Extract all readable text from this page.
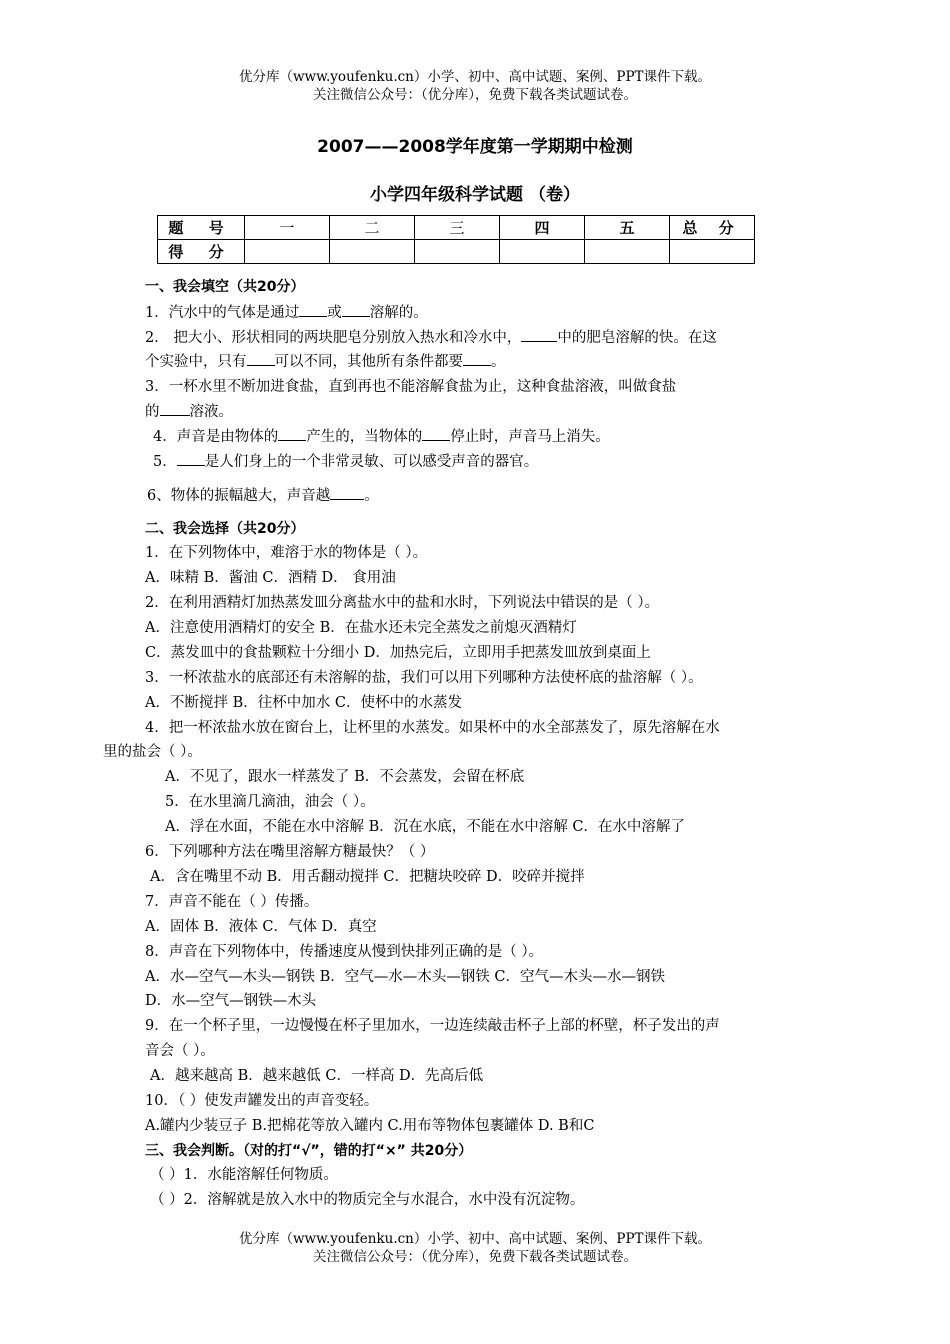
优分库（www.youfenku.cn）小学、初中、高中试题、案例、PPT课件下载。
关注微信公众号：（优分库），免费下载各类试题试卷。
2007——2008学年度第一学期期中检测
小学四年级科学试题 （卷）
题 号	一	二	三	四	五	总 分
得 分						
一、我会填空（共20分）
1．汽水中的气体是通过 或 溶解的。
2． 把大小、形状相同的两块肥皂分别放入热水和冷水中， 中的肥皂溶解的快。在这
个实验中，只有 可以不同，其他所有条件都要 。
3．一杯水里不断加进食盐，直到再也不能溶解食盐为止，这种食盐溶液，叫做食盐
的 溶液。
4．声音是由物体的 产生的，当物体的 停止时，声音马上消失。
5． 是人们身上的一个非常灵敏、可以感受声音的器官。
6、物体的振幅越大，声音越 。
二、我会选择（共20分）
1．在下列物体中，难溶于水的物体是（ ）。
A．味精 B．酱油 C．酒精 D． 食用油
2．在利用酒精灯加热蒸发皿分离盐水中的盐和水时，下列说法中错误的是（ ）。
A．注意使用酒精灯的安全 B．在盐水还未完全蒸发之前熄灭酒精灯
C．蒸发皿中的食盐颗粒十分细小 D．加热完后，立即用手把蒸发皿放到桌面上
3．一杯浓盐水的底部还有未溶解的盐，我们可以用下列哪种方法使杯底的盐溶解（ ）。
A．不断搅拌 B．往杯中加水 C．使杯中的水蒸发
4．把一杯浓盐水放在窗台上，让杯里的水蒸发。如果杯中的水全部蒸发了，原先溶解在水
里的盐会（ ）。
A．不见了，跟水一样蒸发了 B．不会蒸发，会留在杯底
5．在水里滴几滴油，油会（ ）。
A．浮在水面，不能在水中溶解 B．沉在水底，不能在水中溶解 C．在水中溶解了
6．下列哪种方法在嘴里溶解方糖最快？（ ）
A．含在嘴里不动 B．用舌翻动搅拌 C．把糖块咬碎 D．咬碎并搅拌
7．声音不能在（ ）传播。
A．固体 B．液体 C．气体 D．真空
8．声音在下列物体中，传播速度从慢到快排列正确的是（ ）。
A．水—空气—木头—钢铁 B．空气—水—木头—钢铁 C．空气—木头—水—钢铁
D．水—空气—钢铁—木头
9．在一个杯子里，一边慢慢在杯子里加水，一边连续敲击杯子上部的杯壁，杯子发出的声
音会（ ）。
A．越来越高 B．越来越低 C．一样高 D．先高后低
10．（ ）使发声罐发出的声音变轻。
A.罐内少装豆子 B.把棉花等放入罐内 C.用布等物体包裹罐体 D. B和C
三、我会判断。（对的打“√”，错的打“×” 共20分）
（ ）1．水能溶解任何物质。
（ ）2．溶解就是放入水中的物质完全与水混合，水中没有沉淀物。
优分库（www.youfenku.cn）小学、初中、高中试题、案例、PPT课件下载。
关注微信公众号：（优分库），免费下载各类试题试卷。
